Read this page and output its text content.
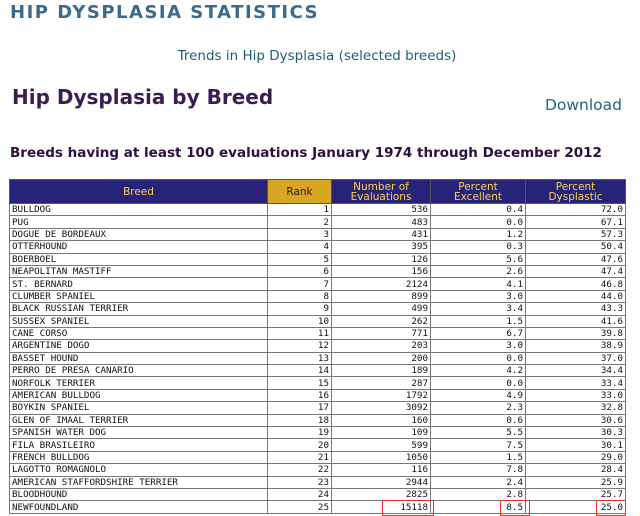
HIP DYSPLASIA STATISTICS
Trends in Hip Dysplasia (selected breeds)
Hip Dysplasia by Breed	Download
Breeds having at least 100 evaluations January 1974 through December 2012
Breed	Rank	Number of Evaluations	Percent Excellent	Percent Dysplastic
BULLDOG	1	536	0.4	72.0
PUG	2	483	0.0	67.1
DOGUE DE BORDEAUX	3	431	1.2	57.3
OTTERHOUND	4	395	0.3	50.4
BOERBOEL	5	126	5.6	47.6
NEAPOLITAN MASTIFF	6	156	2.6	47.4
ST. BERNARD	7	2124	4.1	46.8
CLUMBER SPANIEL	8	899	3.0	44.0
BLACK RUSSIAN TERRIER	9	499	3.4	43.3
SUSSEX SPANIEL	10	262	1.5	41.6
CANE CORSO	11	771	6.7	39.8
ARGENTINE DOGO	12	203	3.0	38.9
BASSET HOUND	13	200	0.0	37.0
PERRO DE PRESA CANARIO	14	189	4.2	34.4
NORFOLK TERRIER	15	287	0.0	33.4
AMERICAN BULLDOG	16	1792	4.9	33.0
BOYKIN SPANIEL	17	3092	2.3	32.8
GLEN OF IMAAL TERRIER	18	160	0.6	30.6
SPANISH WATER DOG	19	109	5.5	30.3
FILA BRASILEIRO	20	599	7.5	30.1
FRENCH BULLDOG	21	1050	1.5	29.0
LAGOTTO ROMAGNOLO	22	116	7.8	28.4
AMERICAN STAFFORDSHIRE TERRIER	23	2944	2.4	25.9
BLOODHOUND	24	2825	2.8	25.7
NEWFOUNDLAND	25	15118	8.5	25.0
